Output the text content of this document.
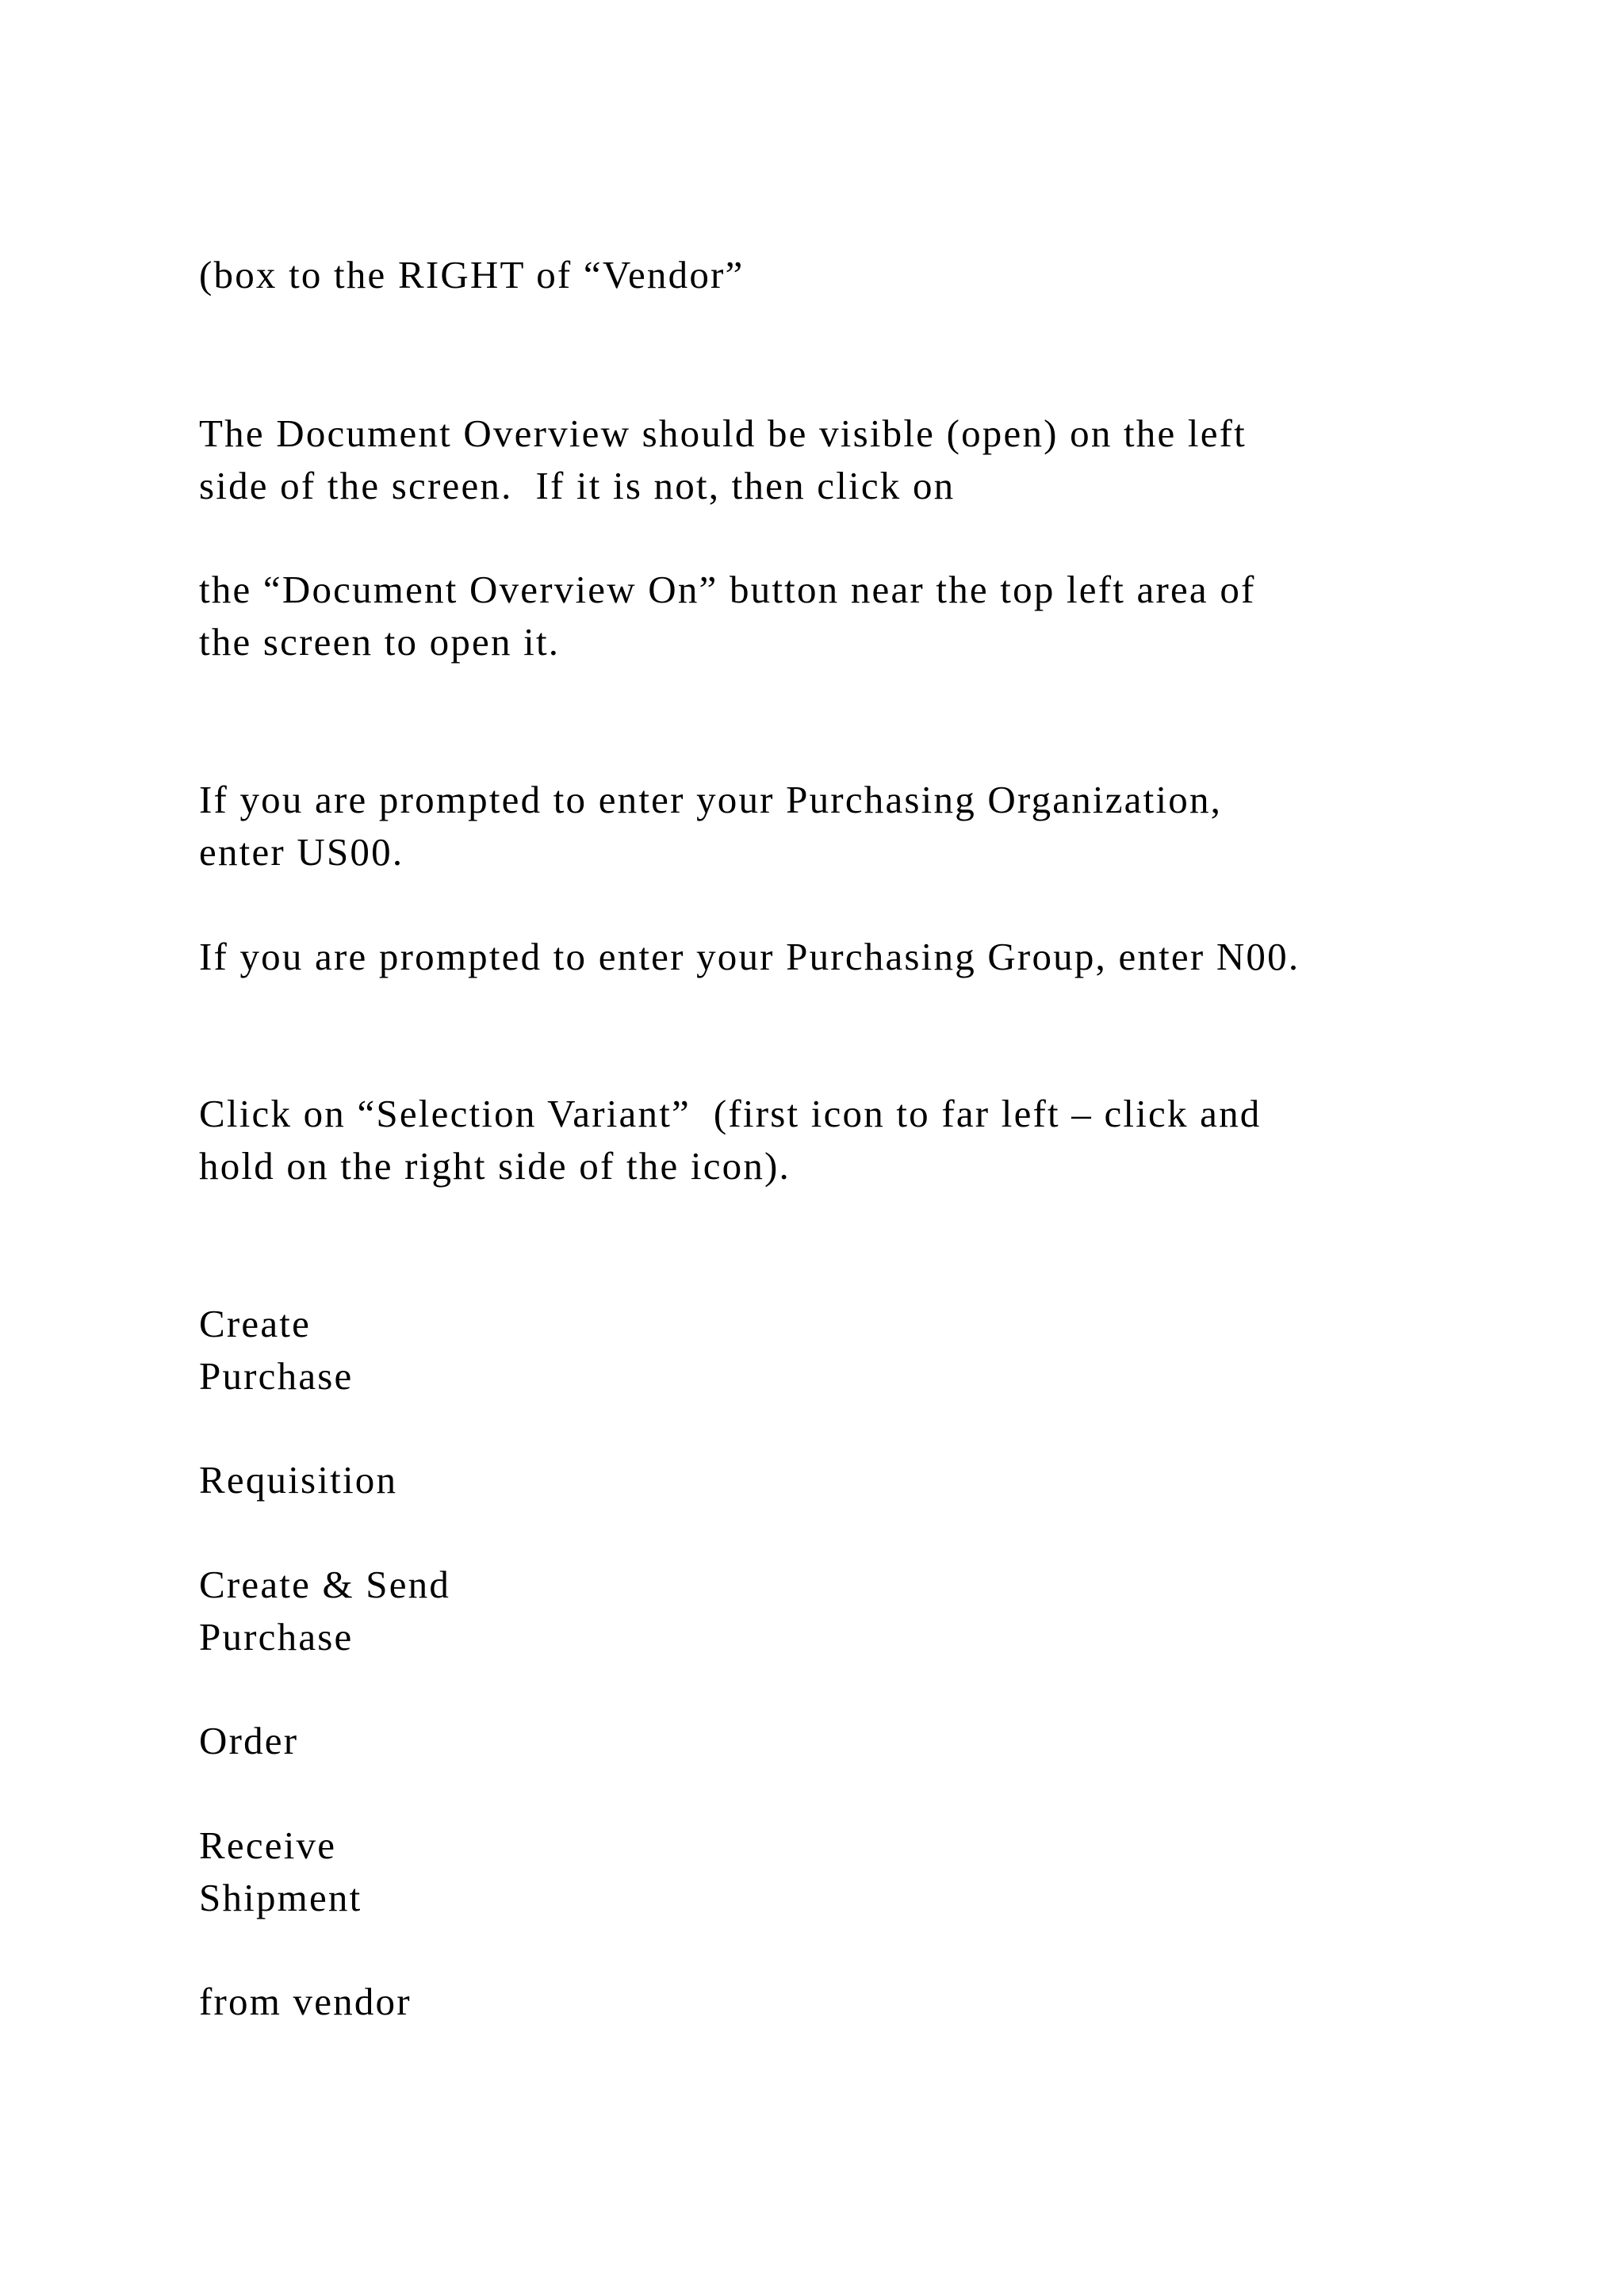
(box to the RIGHT of “Vendor”

The Document Overview should be visible (open) on the left

side of the screen.  If it is not, then click on

the “Document Overview On” button near the top left area of

the screen to open it.

If you are prompted to enter your Purchasing Organization,

enter US00.

If you are prompted to enter your Purchasing Group, enter N00.

Click on “Selection Variant”  (first icon to far left – click and

hold on the right side of the icon).

Create

Purchase

Requisition

Create & Send

Purchase

Order

Receive

Shipment

from vendor
